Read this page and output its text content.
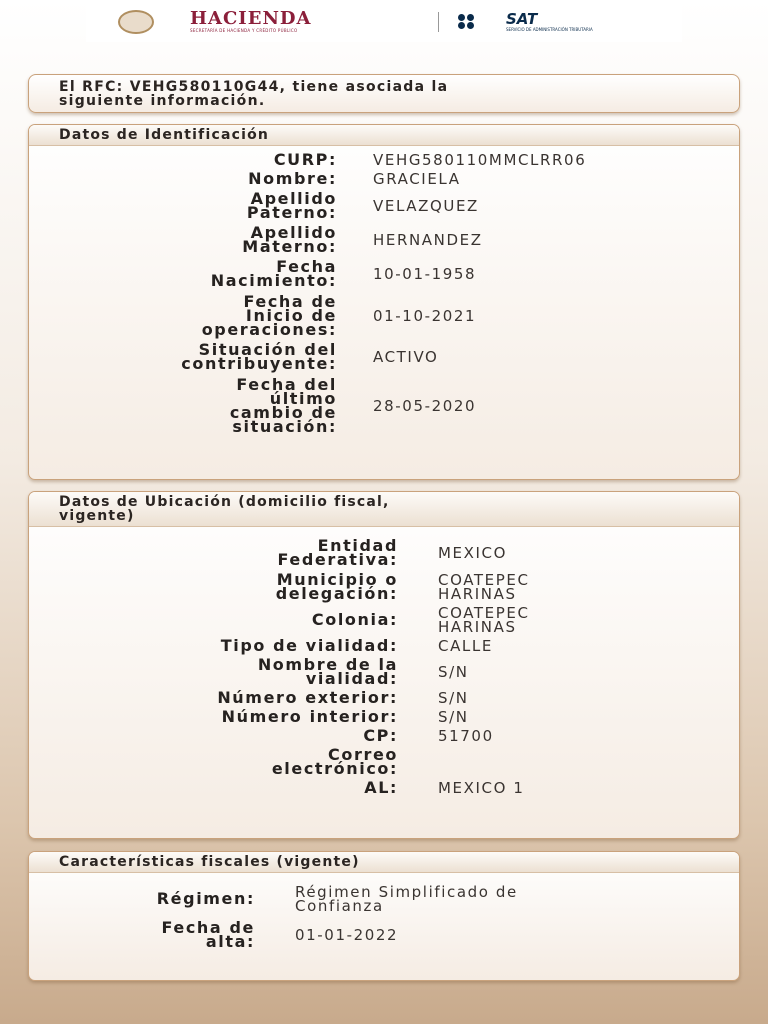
HACIENDA
SECRETARÍA DE HACIENDA Y CRÉDITO PÚBLICO
SAT
SERVICIO DE ADMINISTRACIÓN TRIBUTARIA
El RFC: VEHG580110G44, tiene asociada la
siguiente información.
Datos de Identificación
CURP: VEHG580110MMCLRR06
Nombre: GRACIELA
Apellido
Paterno: VELAZQUEZ
Apellido
Materno: HERNANDEZ
Fecha
Nacimiento: 10-01-1958
Fecha de
Inicio de
operaciones:
01-10-2021
Situación del
contribuyente: ACTIVO
Fecha del
último
cambio de
situación:
28-05-2020
Datos de Ubicación (domicilio fiscal,
vigente)
Entidad
Federativa:	MEXICO
Municipio o
delegación:
COATEPEC
HARINAS
Colonia:	COATEPEC
HARINAS
Tipo de vialidad:	CALLE
Nombre de la
vialidad:	S/N
Número exterior:	S/N
Número interior:	S/N
CP:	51700
Correo
electrónico:
AL:	MEXICO 1
Características fiscales (vigente)
Régimen:	Régimen Simplificado de
Confianza
Fecha de
alta:	01-01-2022
